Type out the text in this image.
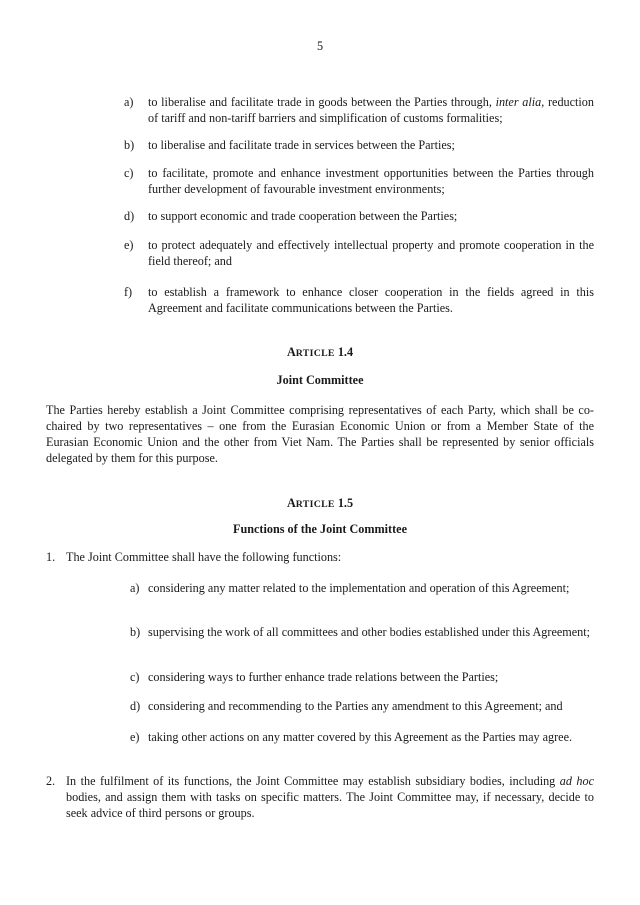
5
a) to liberalise and facilitate trade in goods between the Parties through, inter alia, reduction of tariff and non-tariff barriers and simplification of customs formalities;
b) to liberalise and facilitate trade in services between the Parties;
c) to facilitate, promote and enhance investment opportunities between the Parties through further development of favourable investment environments;
d) to support economic and trade cooperation between the Parties;
e) to protect adequately and effectively intellectual property and promote cooperation in the field thereof; and
f) to establish a framework to enhance closer cooperation in the fields agreed in this Agreement and facilitate communications between the Parties.
ARTICLE 1.4
Joint Committee
The Parties hereby establish a Joint Committee comprising representatives of each Party, which shall be co-chaired by two representatives – one from the Eurasian Economic Union or from a Member State of the Eurasian Economic Union and the other from Viet Nam. The Parties shall be represented by senior officials delegated by them for this purpose.
ARTICLE 1.5
Functions of the Joint Committee
1. The Joint Committee shall have the following functions:
a) considering any matter related to the implementation and operation of this Agreement;
b) supervising the work of all committees and other bodies established under this Agreement;
c) considering ways to further enhance trade relations between the Parties;
d) considering and recommending to the Parties any amendment to this Agreement; and
e) taking other actions on any matter covered by this Agreement as the Parties may agree.
2. In the fulfilment of its functions, the Joint Committee may establish subsidiary bodies, including ad hoc bodies, and assign them with tasks on specific matters. The Joint Committee may, if necessary, decide to seek advice of third persons or groups.
